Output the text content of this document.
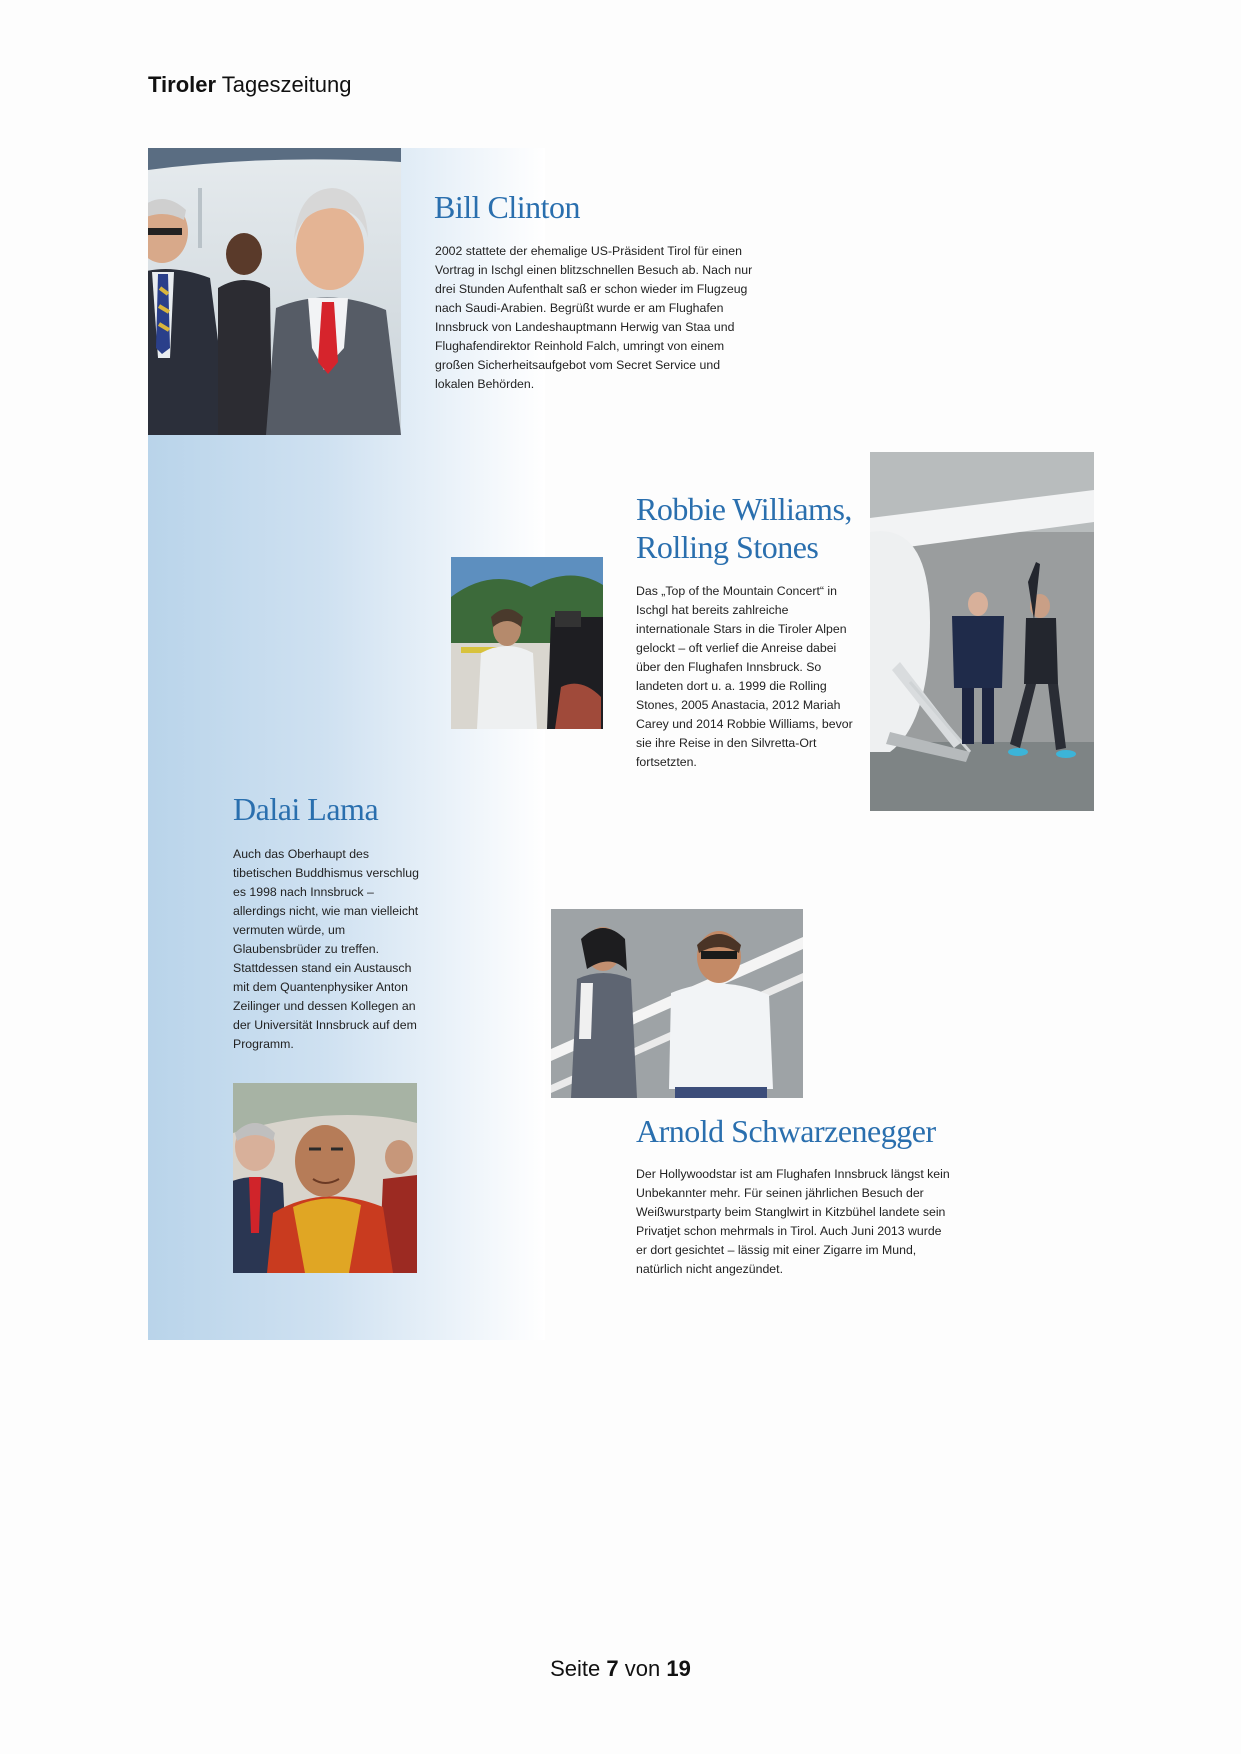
Tiroler Tageszeitung
Bill Clinton

2002 stattete der ehemalige US-Präsident Tirol für einen Vortrag in Ischgl einen blitzschnellen Besuch ab. Nach nur drei Stunden Aufenthalt saß er schon wieder im Flugzeug nach Saudi-Arabien. Begrüßt wurde er am Flughafen Innsbruck von Landeshauptmann Herwig van Staa und Flughafendirektor Reinhold Falch, umringt von einem großen Sicherheitsaufgebot vom Secret Service und lokalen Behörden.

Robbie Williams,
Rolling Stones

Das „Top of the Mountain Concert“ in Ischgl hat bereits zahlreiche internationale Stars in die Tiroler Alpen gelockt – oft verlief die Anreise dabei über den Flughafen Innsbruck. So landeten dort u. a. 1999 die Rolling Stones, 2005 Anastacia, 2012 Mariah Carey und 2014 Robbie Williams, bevor sie ihre Reise in den Silvretta-Ort fortsetzten.

Dalai Lama

Auch das Oberhaupt des tibetischen Buddhismus verschlug es 1998 nach Innsbruck – allerdings nicht, wie man vielleicht vermuten würde, um Glaubensbrüder zu treffen. Stattdessen stand ein Austausch mit dem Quantenphysiker Anton Zeilinger und dessen Kollegen an der Universität Innsbruck auf dem Programm.

Arnold Schwarzenegger

Der Hollywoodstar ist am Flughafen Innsbruck längst kein Unbekannter mehr. Für seinen jährlichen Besuch der Weißwurstparty beim Stanglwirt in Kitzbühel landete sein Privatjet schon mehrmals in Tirol. Auch Juni 2013 wurde er dort gesichtet – lässig mit einer Zigarre im Mund, natürlich nicht angezündet.

Seite 7 von 19
